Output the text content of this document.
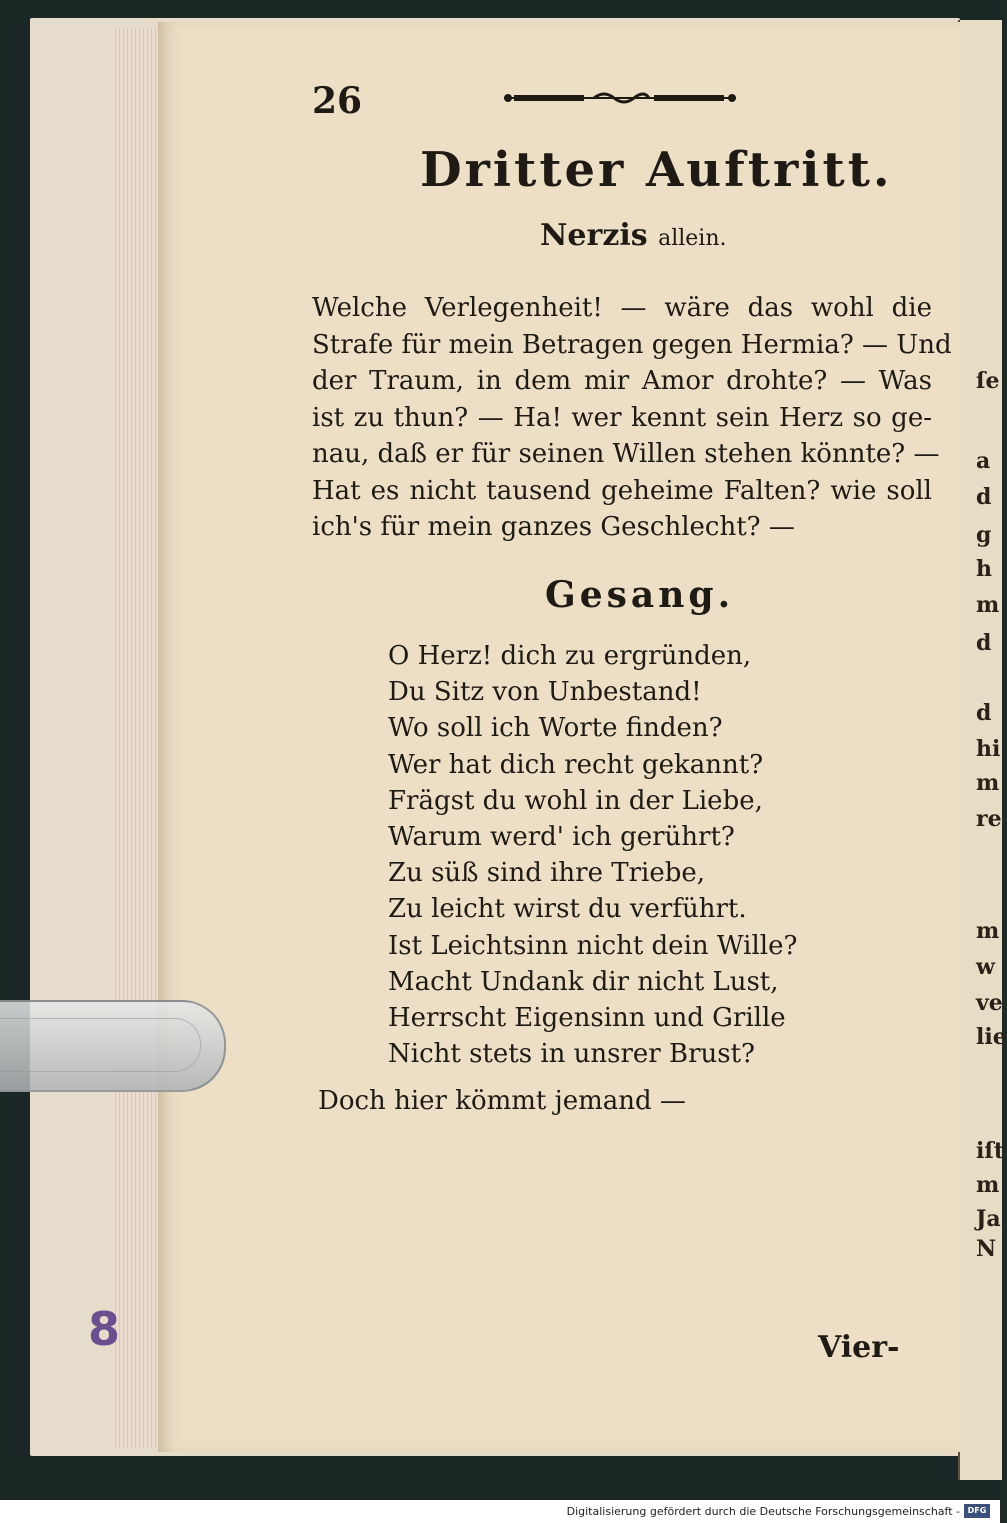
ſe
a
d
g
h
m
d
d
hi
m
re
m
w
ve
lie
iſt
m
Ja
N
8
26
Dritter Auftritt.
Nerzis allein.
Welche Verlegenheit! — wäre das wohl die
Strafe für mein Betragen gegen Hermia? — Und
der Traum, in dem mir Amor drohte? — Was
ist zu thun? — Ha! wer kennt sein Herz so ge-
nau, daß er für seinen Willen stehen könnte? —
Hat es nicht tausend geheime Falten? wie soll
ich's für mein ganzes Geschlecht? —
Gesang.
O Herz! dich zu ergründen,
Du Sitz von Unbestand!
Wo soll ich Worte finden?
Wer hat dich recht gekannt?
Frägst du wohl in der Liebe,
Warum werd' ich gerührt?
Zu süß sind ihre Triebe,
Zu leicht wirst du verführt.
Ist Leichtsinn nicht dein Wille?
Macht Undank dir nicht Lust,
Herrscht Eigensinn und Grille
Nicht stets in unsrer Brust?
Doch hier kömmt jemand —
Vier-
Digitalisierung gefördert durch die Deutsche Forschungsgemeinschaft - DFG
